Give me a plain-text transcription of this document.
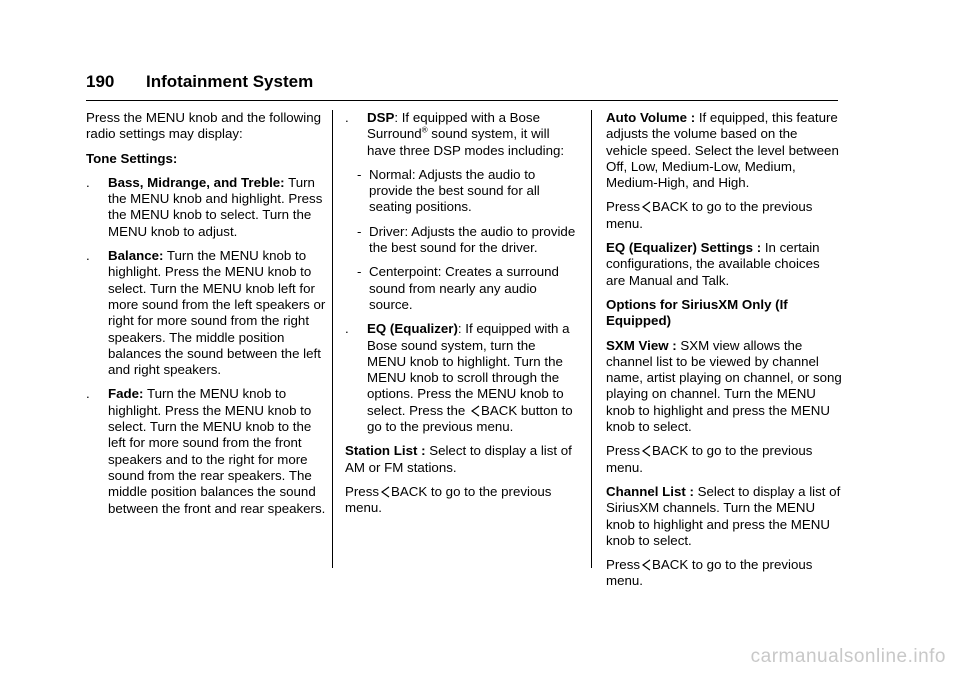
190 Infotainment System

Press the MENU knob and the following radio settings may display:

Tone Settings:

. Bass, Midrange, and Treble: Turn the MENU knob and highlight. Press the MENU knob to select. Turn the MENU knob to adjust.
. Balance: Turn the MENU knob to highlight. Press the MENU knob to select. Turn the MENU knob left for more sound from the left speakers or right for more sound from the right speakers. The middle position balances the sound between the left and right speakers.
. Fade: Turn the MENU knob to highlight. Press the MENU knob to select. Turn the MENU knob to the left for more sound from the front speakers and to the right for more sound from the rear speakers. The middle position balances the sound between the front and rear speakers.
. DSP: If equipped with a Bose Surround® sound system, it will have three DSP modes including:
- Normal: Adjusts the audio to provide the best sound for all seating positions.
- Driver: Adjusts the audio to provide the best sound for the driver.
- Centerpoint: Creates a surround sound from nearly any audio source.
. EQ (Equalizer): If equipped with a Bose sound system, turn the MENU knob to highlight. Turn the MENU knob to scroll through the options. Press the MENU knob to select. Press the BACK button to go to the previous menu.

Station List : Select to display a list of AM or FM stations.

Press BACK to go to the previous menu.

Auto Volume : If equipped, this feature adjusts the volume based on the vehicle speed. Select the level between Off, Low, Medium-Low, Medium, Medium-High, and High.

Press BACK to go to the previous menu.

EQ (Equalizer) Settings : In certain configurations, the available choices are Manual and Talk.

Options for SiriusXM Only (If Equipped)

SXM View : SXM view allows the channel list to be viewed by channel name, artist playing on channel, or song playing on channel. Turn the MENU knob to highlight and press the MENU knob to select.

Press BACK to go to the previous menu.

Channel List : Select to display a list of SiriusXM channels. Turn the MENU knob to highlight and press the MENU knob to select.

Press BACK to go to the previous menu.

carmanualsonline.info
